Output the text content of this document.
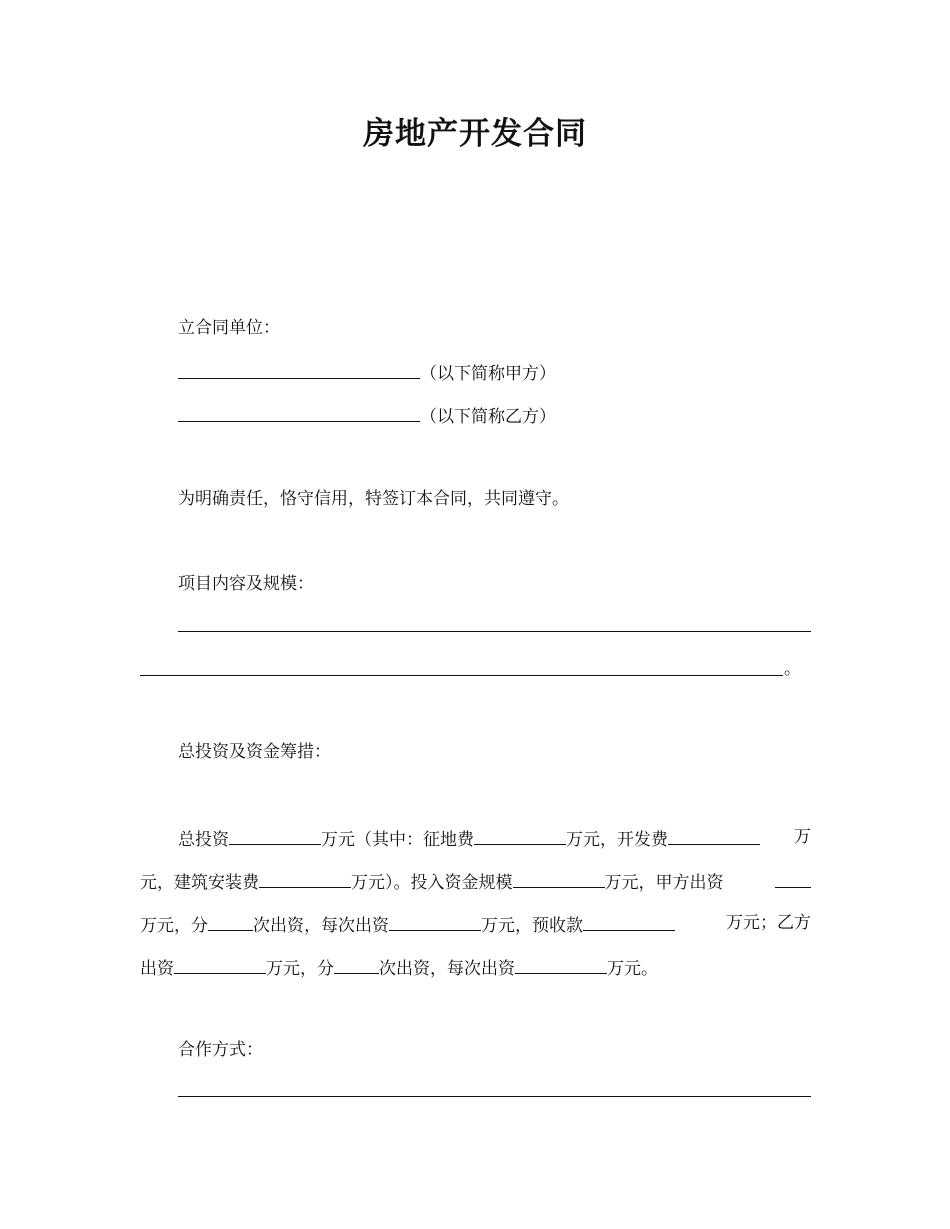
房地产开发合同
立合同单位：
（以下简称甲方）
（以下简称乙方）
为明确责任，恪守信用，特签订本合同，共同遵守。
项目内容及规模：
。
总投资及资金筹措：
总投资	万元（其中：征地费	万元，开发费	万
元，建筑安装费	万元）。投入资金规模	万元，甲方出资
万元，分	次出资，每次出资	万元，预收款	万元；乙方
出资	万元，分	次出资，每次出资	万元。
合作方式：
